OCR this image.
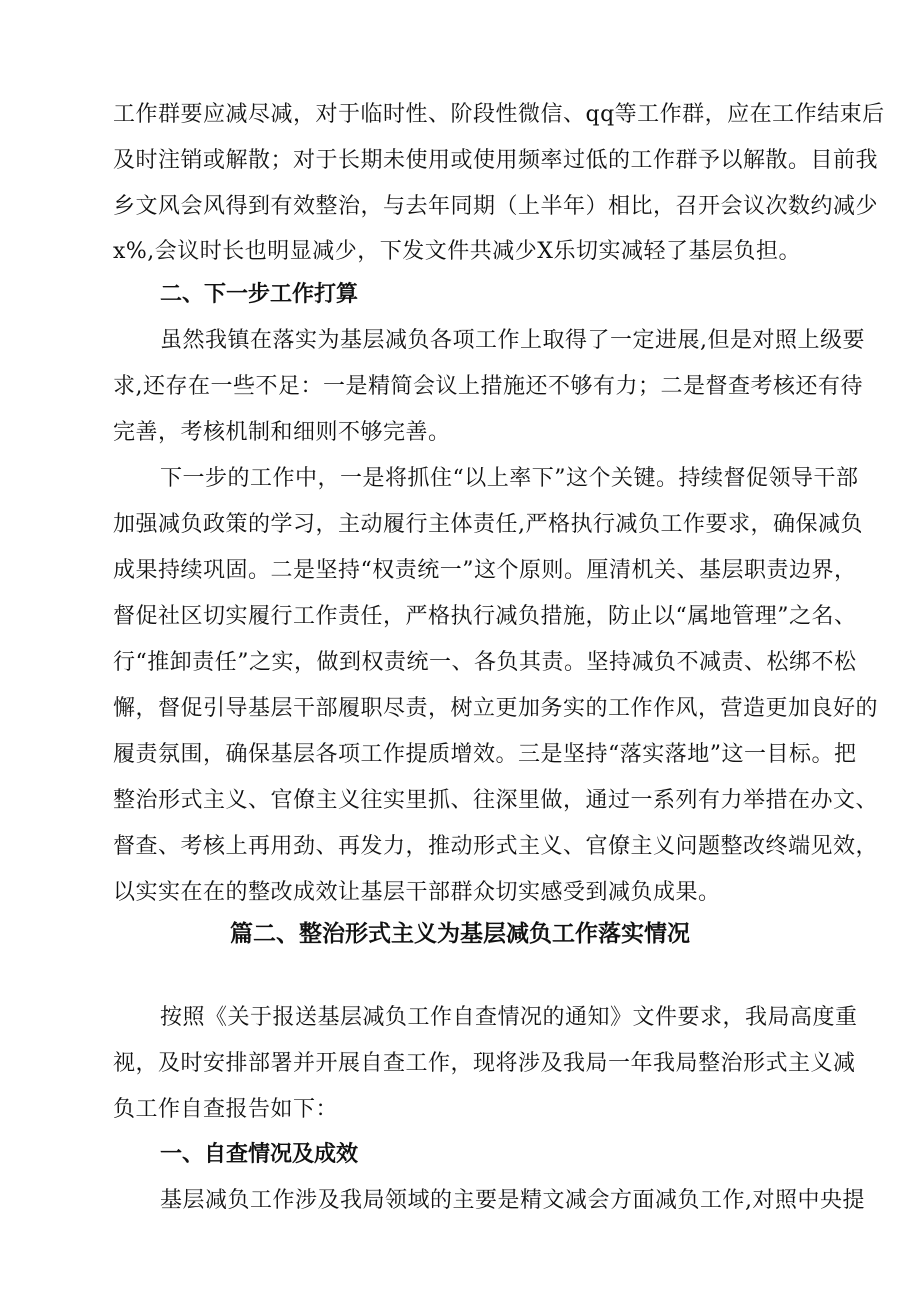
工作群要应减尽减，对于临时性、阶段性微信、qq等工作群，应在工作结束后
及时注销或解散；对于长期未使用或使用频率过低的工作群予以解散。目前我
乡文风会风得到有效整治，与去年同期（上半年）相比，召开会议次数约减少
x%,会议时长也明显减少，下发文件共减少X乐切实减轻了基层负担。
二、下一步工作打算
虽然我镇在落实为基层减负各项工作上取得了一定进展,但是对照上级要
求,还存在一些不足：一是精简会议上措施还不够有力；二是督查考核还有待
完善，考核机制和细则不够完善。
下一步的工作中，一是将抓住“以上率下”这个关键。持续督促领导干部
加强减负政策的学习，主动履行主体责任,严格执行减负工作要求，确保减负
成果持续巩固。二是坚持“权责统一”这个原则。厘清机关、基层职责边界，
督促社区切实履行工作责任，严格执行减负措施，防止以“属地管理”之名、
行“推卸责任”之实，做到权责统一、各负其责。坚持减负不减责、松绑不松
懈，督促引导基层干部履职尽责，树立更加务实的工作作风，营造更加良好的
履责氛围，确保基层各项工作提质增效。三是坚持“落实落地”这一目标。把
整治形式主义、官僚主义往实里抓、往深里做，通过一系列有力举措在办文、
督查、考核上再用劲、再发力，推动形式主义、官僚主义问题整改终端见效，
以实实在在的整改成效让基层干部群众切实感受到减负成果。
篇二、整治形式主义为基层减负工作落实情况
按照《关于报送基层减负工作自查情况的通知》文件要求，我局高度重
视，及时安排部署并开展自查工作，现将涉及我局一年我局整治形式主义减
负工作自查报告如下：
一、自查情况及成效
基层减负工作涉及我局领域的主要是精文减会方面减负工作,对照中央提
